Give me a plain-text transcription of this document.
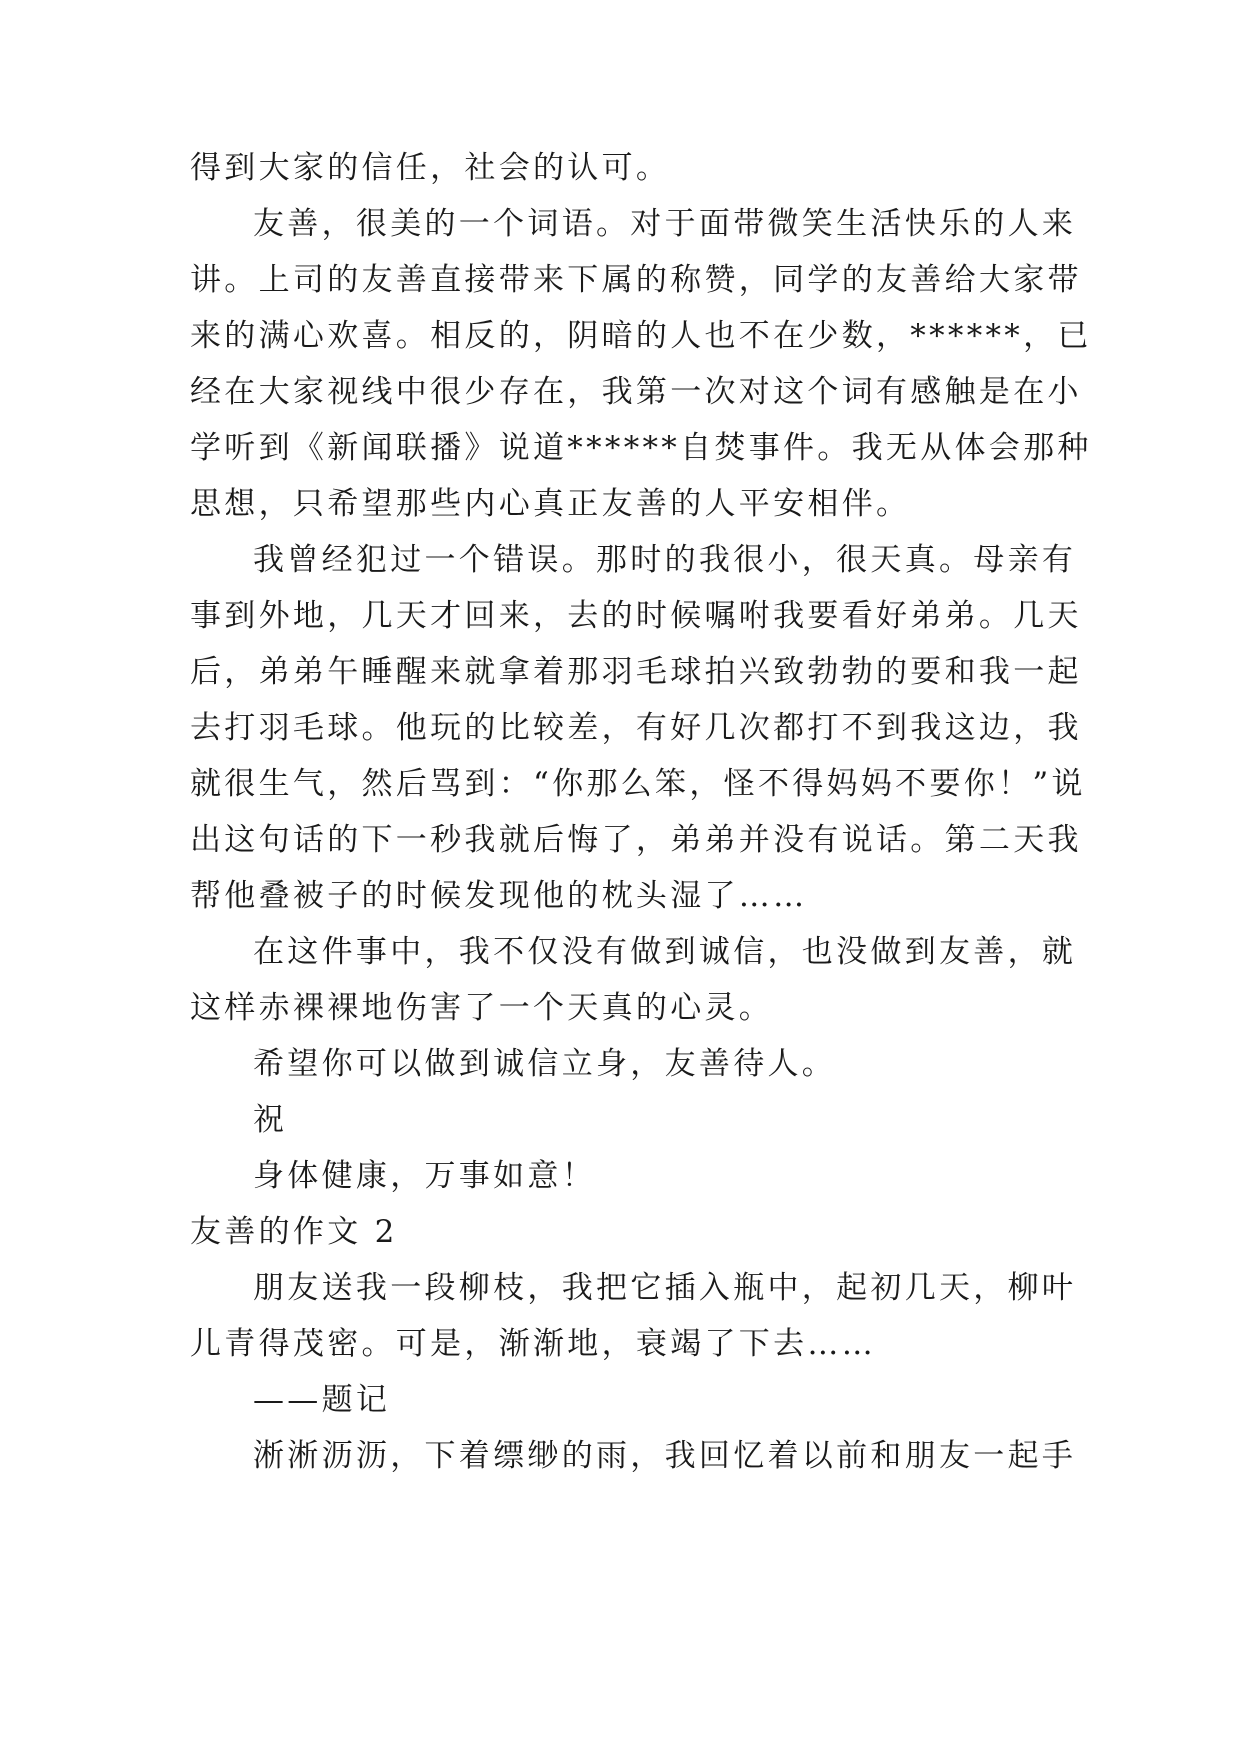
得到大家的信任，社会的认可。
友善，很美的一个词语。对于面带微笑生活快乐的人来
讲。上司的友善直接带来下属的称赞，同学的友善给大家带
来的满心欢喜。相反的，阴暗的人也不在少数，******，已
经在大家视线中很少存在，我第一次对这个词有感触是在小
学听到《新闻联播》说道******自焚事件。我无从体会那种
思想，只希望那些内心真正友善的人平安相伴。
我曾经犯过一个错误。那时的我很小，很天真。母亲有
事到外地，几天才回来，去的时候嘱咐我要看好弟弟。几天
后，弟弟午睡醒来就拿着那羽毛球拍兴致勃勃的要和我一起
去打羽毛球。他玩的比较差，有好几次都打不到我这边，我
就很生气，然后骂到：“你那么笨，怪不得妈妈不要你！”说
出这句话的下一秒我就后悔了，弟弟并没有说话。第二天我
帮他叠被子的时候发现他的枕头湿了……
在这件事中，我不仅没有做到诚信，也没做到友善，就
这样赤裸裸地伤害了一个天真的心灵。
希望你可以做到诚信立身，友善待人。
祝
身体健康，万事如意！
友善的作文 2
朋友送我一段柳枝，我把它插入瓶中，起初几天，柳叶
儿青得茂密。可是，渐渐地，衰竭了下去……
——题记
淅淅沥沥，下着缥缈的雨，我回忆着以前和朋友一起手
